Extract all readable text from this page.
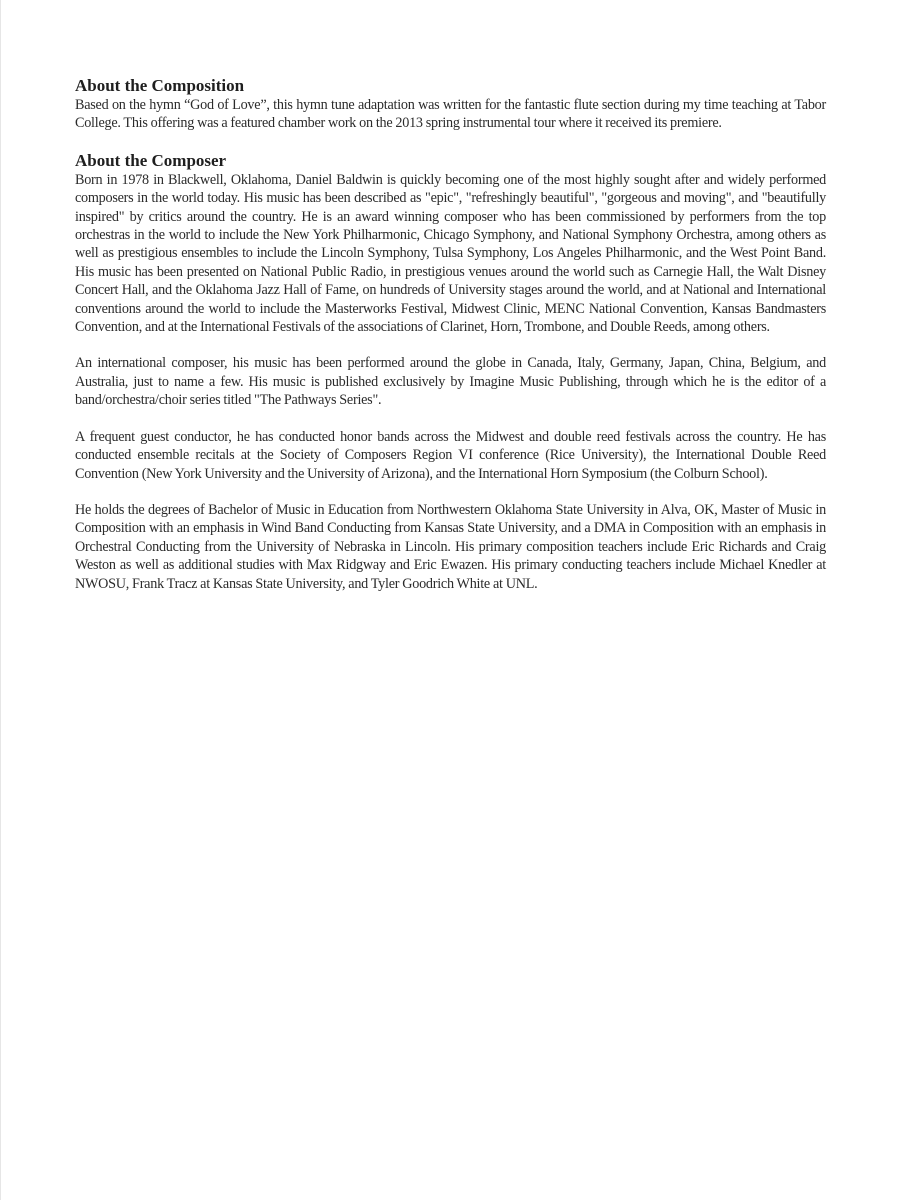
About the Composition

Based on the hymn “God of Love”, this hymn tune adaptation was written for the fantastic flute section during my time teaching at Tabor College. This offering was a featured chamber work on the 2013 spring instrumental tour where it received its premiere.

About the Composer

Born in 1978 in Blackwell, Oklahoma, Daniel Baldwin is quickly becoming one of the most highly sought after and widely performed composers in the world today. His music has been described as "epic", "refreshingly beautiful", "gorgeous and moving", and "beautifully inspired" by critics around the country. He is an award winning composer who has been commissioned by performers from the top orchestras in the world to include the New York Philharmonic, Chicago Symphony, and National Symphony Orchestra, among others as well as prestigious ensembles to include the Lincoln Symphony, Tulsa Symphony, Los Angeles Philharmonic, and the West Point Band. His music has been presented on National Public Radio, in prestigious venues around the world such as Carnegie Hall, the Walt Disney Concert Hall, and the Oklahoma Jazz Hall of Fame, on hundreds of University stages around the world, and at National and International conventions around the world to include the Masterworks Festival, Midwest Clinic, MENC National Convention, Kansas Bandmasters Convention, and at the International Festivals of the associations of Clarinet, Horn, Trombone, and Double Reeds, among others.

An international composer, his music has been performed around the globe in Canada, Italy, Germany, Japan, China, Belgium, and Australia, just to name a few. His music is published exclusively by Imagine Music Publishing, through which he is the editor of a band/orchestra/choir series titled "The Pathways Series".

A frequent guest conductor, he has conducted honor bands across the Midwest and double reed festivals across the country. He has conducted ensemble recitals at the Society of Composers Region VI conference (Rice University), the International Double Reed Convention (New York University and the University of Arizona), and the International Horn Symposium (the Colburn School).

He holds the degrees of Bachelor of Music in Education from Northwestern Oklahoma State University in Alva, OK, Master of Music in Composition with an emphasis in Wind Band Conducting from Kansas State University, and a DMA in Composition with an emphasis in Orchestral Conducting from the University of Nebraska in Lincoln. His primary composition teachers include Eric Richards and Craig Weston as well as additional studies with Max Ridgway and Eric Ewazen. His primary conducting teachers include Michael Knedler at NWOSU, Frank Tracz at Kansas State University, and Tyler Goodrich White at UNL.
